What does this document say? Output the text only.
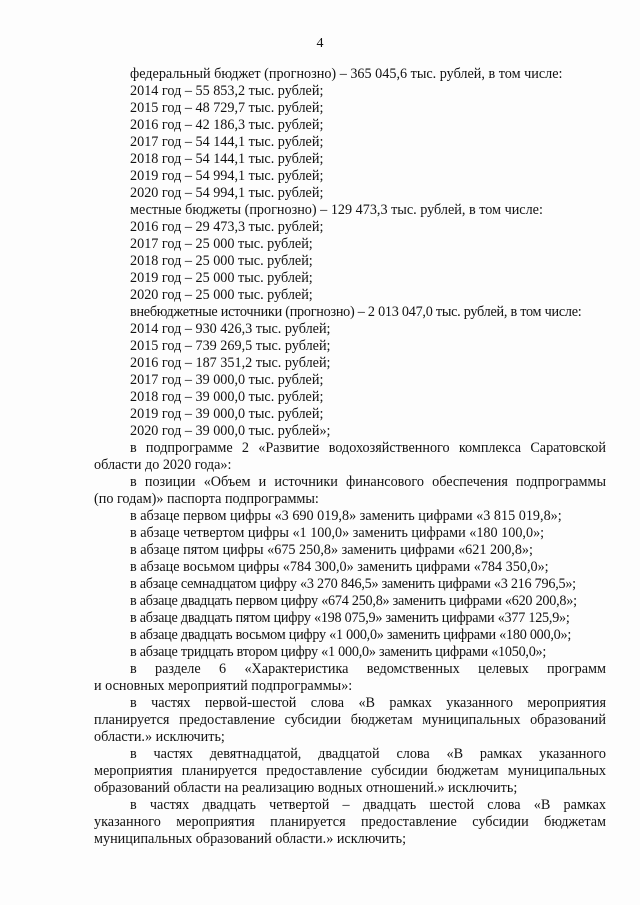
4
федеральный бюджет (прогнозно) – 365 045,6 тыс. рублей, в том числе:
2014 год – 55 853,2 тыс. рублей;
2015 год – 48 729,7 тыс. рублей;
2016 год – 42 186,3 тыс. рублей;
2017 год – 54 144,1 тыс. рублей;
2018 год – 54 144,1 тыс. рублей;
2019 год – 54 994,1 тыс. рублей;
2020 год – 54 994,1 тыс. рублей;
местные бюджеты (прогнозно) – 129 473,3 тыс. рублей, в том числе:
2016 год – 29 473,3 тыс. рублей;
2017 год – 25 000 тыс. рублей;
2018 год – 25 000 тыс. рублей;
2019 год – 25 000 тыс. рублей;
2020 год – 25 000 тыс. рублей;
внебюджетные источники (прогнозно) – 2 013 047,0 тыс. рублей, в том числе:
2014 год – 930 426,3 тыс. рублей;
2015 год – 739 269,5 тыс. рублей;
2016 год – 187 351,2 тыс. рублей;
2017 год – 39 000,0 тыс. рублей;
2018 год – 39 000,0 тыс. рублей;
2019 год – 39 000,0 тыс. рублей;
2020 год – 39 000,0 тыс. рублей»;
в подпрограмме 2 «Развитие водохозяйственного комплекса Саратовской
области до 2020 года»:
в позиции «Объем и источники финансового обеспечения подпрограммы
(по годам)» паспорта подпрограммы:
в абзаце первом цифры «3 690 019,8» заменить цифрами «3 815 019,8»;
в абзаце четвертом цифры «1 100,0» заменить цифрами «180 100,0»;
в абзаце пятом цифры «675 250,8» заменить цифрами «621 200,8»;
в абзаце восьмом цифры «784 300,0» заменить цифрами «784 350,0»;
в абзаце семнадцатом цифру «3 270 846,5» заменить цифрами «3 216 796,5»;
в абзаце двадцать первом цифру «674 250,8» заменить цифрами «620 200,8»;
в абзаце двадцать пятом цифру «198 075,9» заменить цифрами «377 125,9»;
в абзаце двадцать восьмом цифру «1 000,0» заменить цифрами «180 000,0»;
в абзаце тридцать втором цифру «1 000,0» заменить цифрами «1050,0»;
в разделе 6 «Характеристика ведомственных целевых программ
и основных мероприятий подпрограммы»:
в частях первой-шестой слова «В рамках указанного мероприятия
планируется предоставление субсидии бюджетам муниципальных образований
области.» исключить;
в частях девятнадцатой, двадцатой слова «В рамках указанного
мероприятия планируется предоставление субсидии бюджетам муниципальных
образований области на реализацию водных отношений.» исключить;
в частях двадцать четвертой – двадцать шестой слова «В рамках
указанного мероприятия планируется предоставление субсидии бюджетам
муниципальных образований области.» исключить;
